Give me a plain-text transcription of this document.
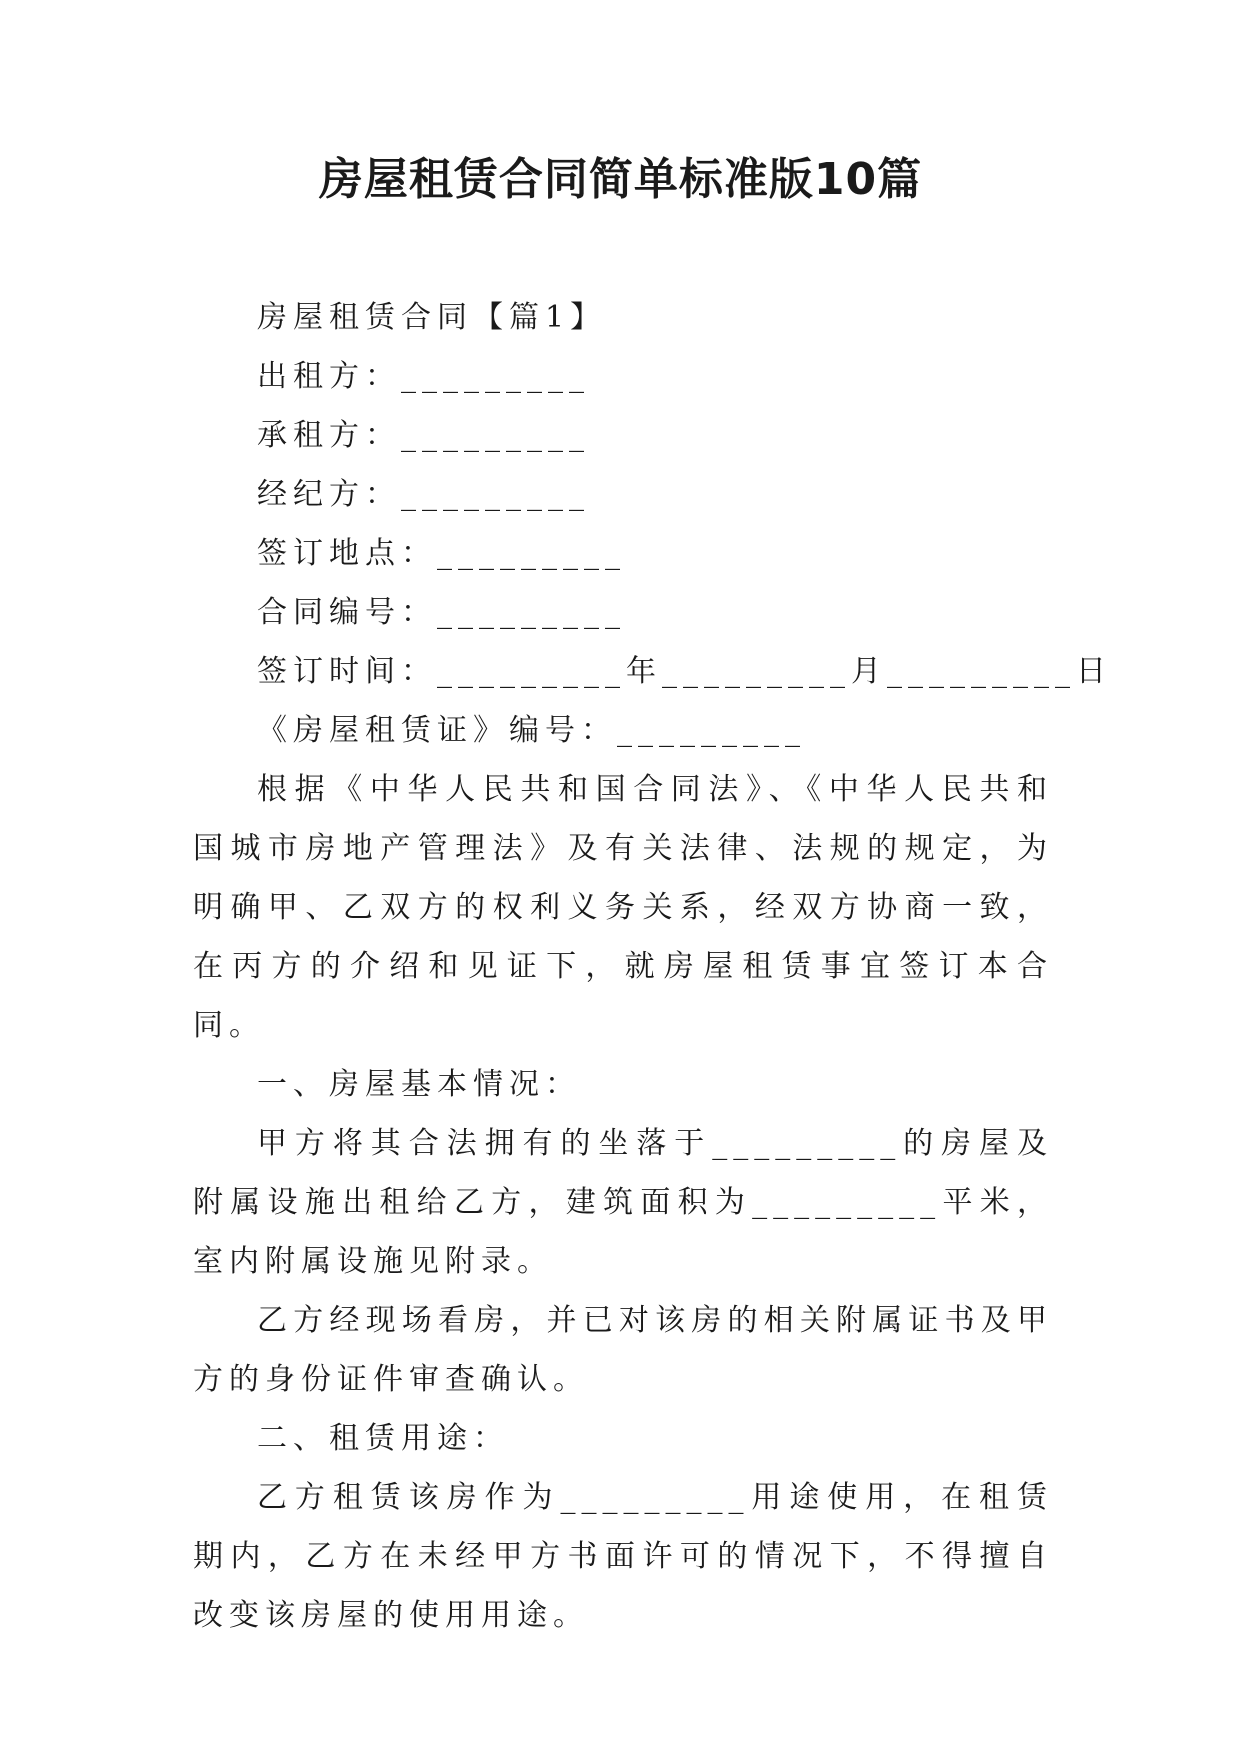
房屋租赁合同简单标准版10篇

房屋租赁合同【篇1】

出租方：_________

承租方：_________

经纪方：_________

签订地点：_________

合同编号：_________

签订时间：_________年_________月_________日

《房屋租赁证》编号：_________

根据《中华人民共和国合同法》、《中华人民共和国城市房地产管理法》及有关法律、法规的规定，为明确甲、乙双方的权利义务关系，经双方协商一致，在丙方的介绍和见证下，就房屋租赁事宜签订本合同。

一、房屋基本情况：

甲方将其合法拥有的坐落于_________的房屋及附属设施出租给乙方，建筑面积为_________平米，室内附属设施见附录。

乙方经现场看房，并已对该房的相关附属证书及甲方的身份证件审查确认。

二、租赁用途：

乙方租赁该房作为_________用途使用，在租赁期内，乙方在未经甲方书面许可的情况下，不得擅自改变该房屋的使用用途。
